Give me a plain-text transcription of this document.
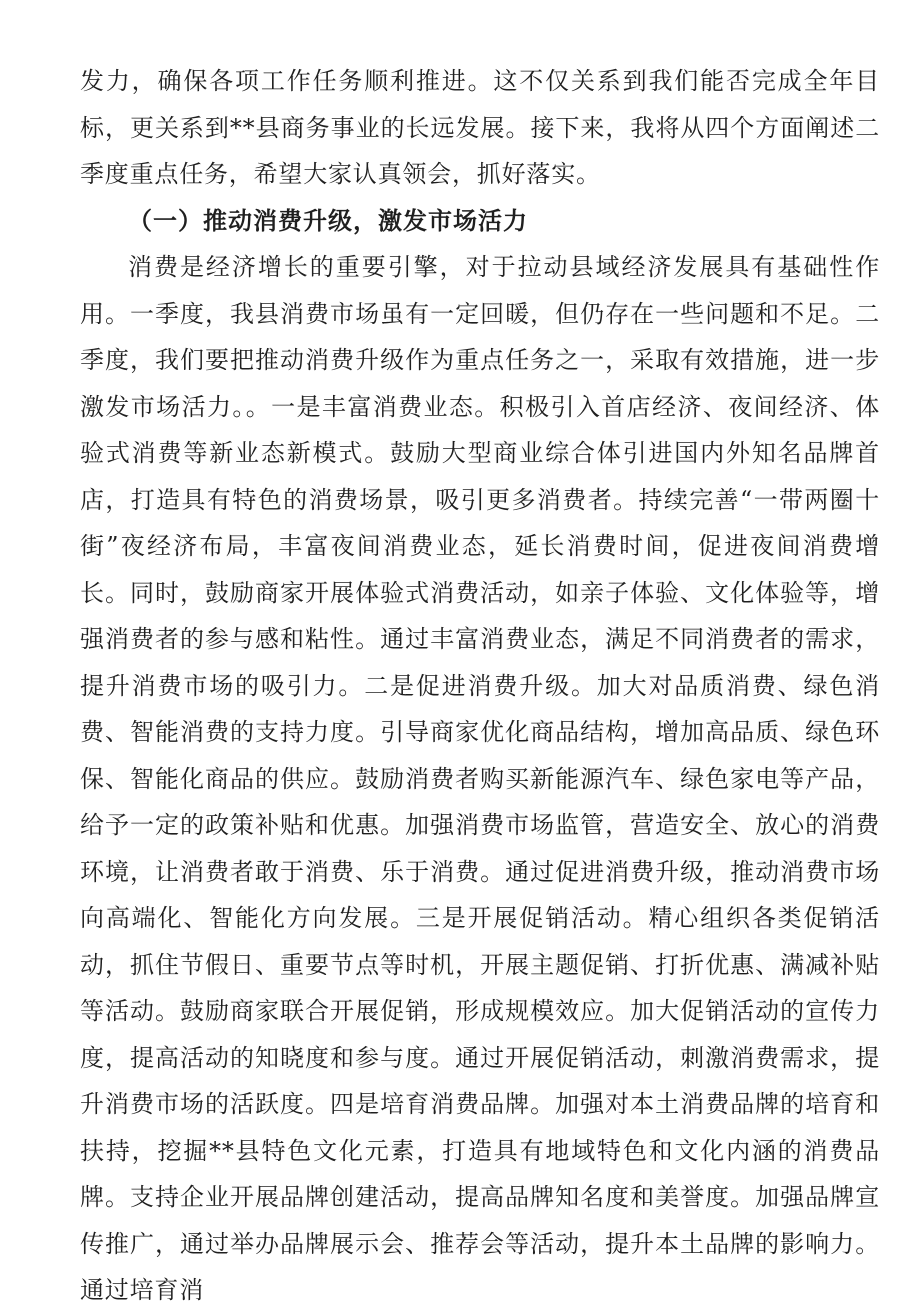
发力，确保各项工作任务顺利推进。这不仅关系到我们能否完成全年目标，更关系到**县商务事业的长远发展。接下来，我将从四个方面阐述二季度重点任务，希望大家认真领会，抓好落实。

（一）推动消费升级，激发市场活力

消费是经济增长的重要引擎，对于拉动县域经济发展具有基础性作用。一季度，我县消费市场虽有一定回暖，但仍存在一些问题和不足。二季度，我们要把推动消费升级作为重点任务之一，采取有效措施，进一步激发市场活力。。一是丰富消费业态。积极引入首店经济、夜间经济、体验式消费等新业态新模式。鼓励大型商业综合体引进国内外知名品牌首店，打造具有特色的消费场景，吸引更多消费者。持续完善“一带两圈十街”夜经济布局，丰富夜间消费业态，延长消费时间，促进夜间消费增长。同时，鼓励商家开展体验式消费活动，如亲子体验、文化体验等，增强消费者的参与感和粘性。通过丰富消费业态，满足不同消费者的需求，提升消费市场的吸引力。二是促进消费升级。加大对品质消费、绿色消费、智能消费的支持力度。引导商家优化商品结构，增加高品质、绿色环保、智能化商品的供应。鼓励消费者购买新能源汽车、绿色家电等产品，给予一定的政策补贴和优惠。加强消费市场监管，营造安全、放心的消费环境，让消费者敢于消费、乐于消费。通过促进消费升级，推动消费市场向高端化、智能化方向发展。三是开展促销活动。精心组织各类促销活动，抓住节假日、重要节点等时机，开展主题促销、打折优惠、满减补贴等活动。鼓励商家联合开展促销，形成规模效应。加大促销活动的宣传力度，提高活动的知晓度和参与度。通过开展促销活动，刺激消费需求，提升消费市场的活跃度。四是培育消费品牌。加强对本土消费品牌的培育和扶持，挖掘**县特色文化元素，打造具有地域特色和文化内涵的消费品牌。支持企业开展品牌创建活动，提高品牌知名度和美誉度。加强品牌宣传推广，通过举办品牌展示会、推荐会等活动，提升本土品牌的影响力。通过培育消
